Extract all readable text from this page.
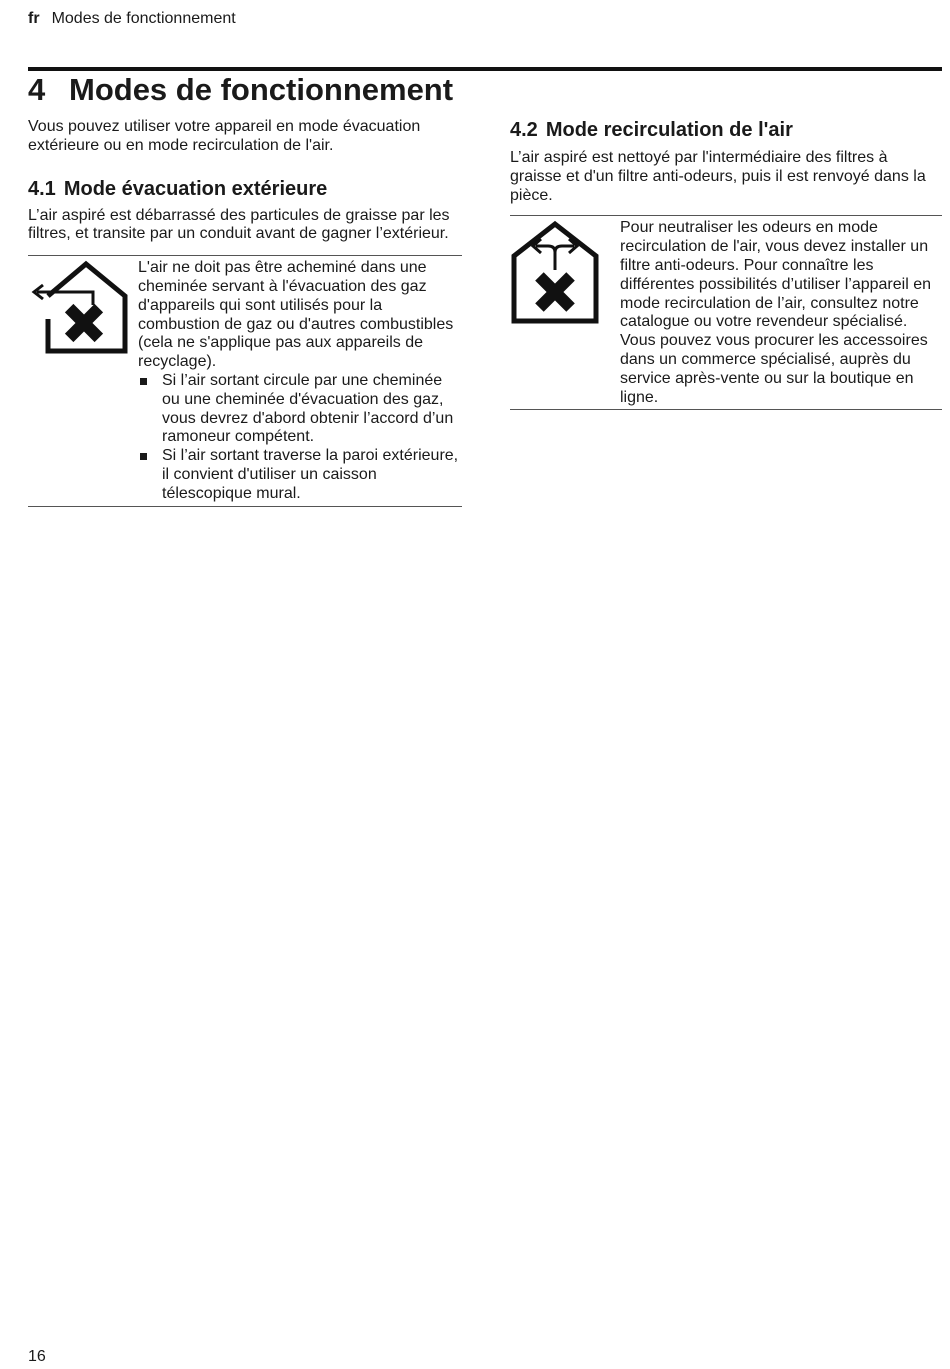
fr Modes de fonctionnement
4 Modes de fonctionnement

Vous pouvez utiliser votre appareil en mode évacuation extérieure ou en mode recirculation de l'air.

4.1 Mode évacuation extérieure

L’air aspiré est débarrassé des particules de graisse par les filtres, et transite par un conduit avant de gagner l’extérieur.

L'air ne doit pas être acheminé dans une cheminée servant à l'évacuation des gaz d'appareils qui sont utilisés pour la combustion de gaz ou d'autres combustibles (cela ne s'applique pas aux appareils de recyclage).

Si l’air sortant circule par une cheminée ou une cheminée d'évacuation des gaz, vous devrez d'abord obtenir l’accord d’un ramoneur compétent.
Si l’air sortant traverse la paroi extérieure, il convient d'utiliser un caisson télescopique mural.
4.2 Mode recirculation de l'air

L’air aspiré est nettoyé par l'intermédiaire des filtres à graisse et d'un filtre anti-odeurs, puis il est renvoyé dans la pièce.

Pour neutraliser les odeurs en mode recirculation de l'air, vous devez installer un filtre anti-odeurs. Pour connaître les différentes possibilités d’utiliser l’appareil en mode recirculation de l’air, consultez notre catalogue ou votre revendeur spécialisé. Vous pouvez vous procurer les accessoires dans un commerce spécialisé, auprès du service après-vente ou sur la boutique en ligne.

16
